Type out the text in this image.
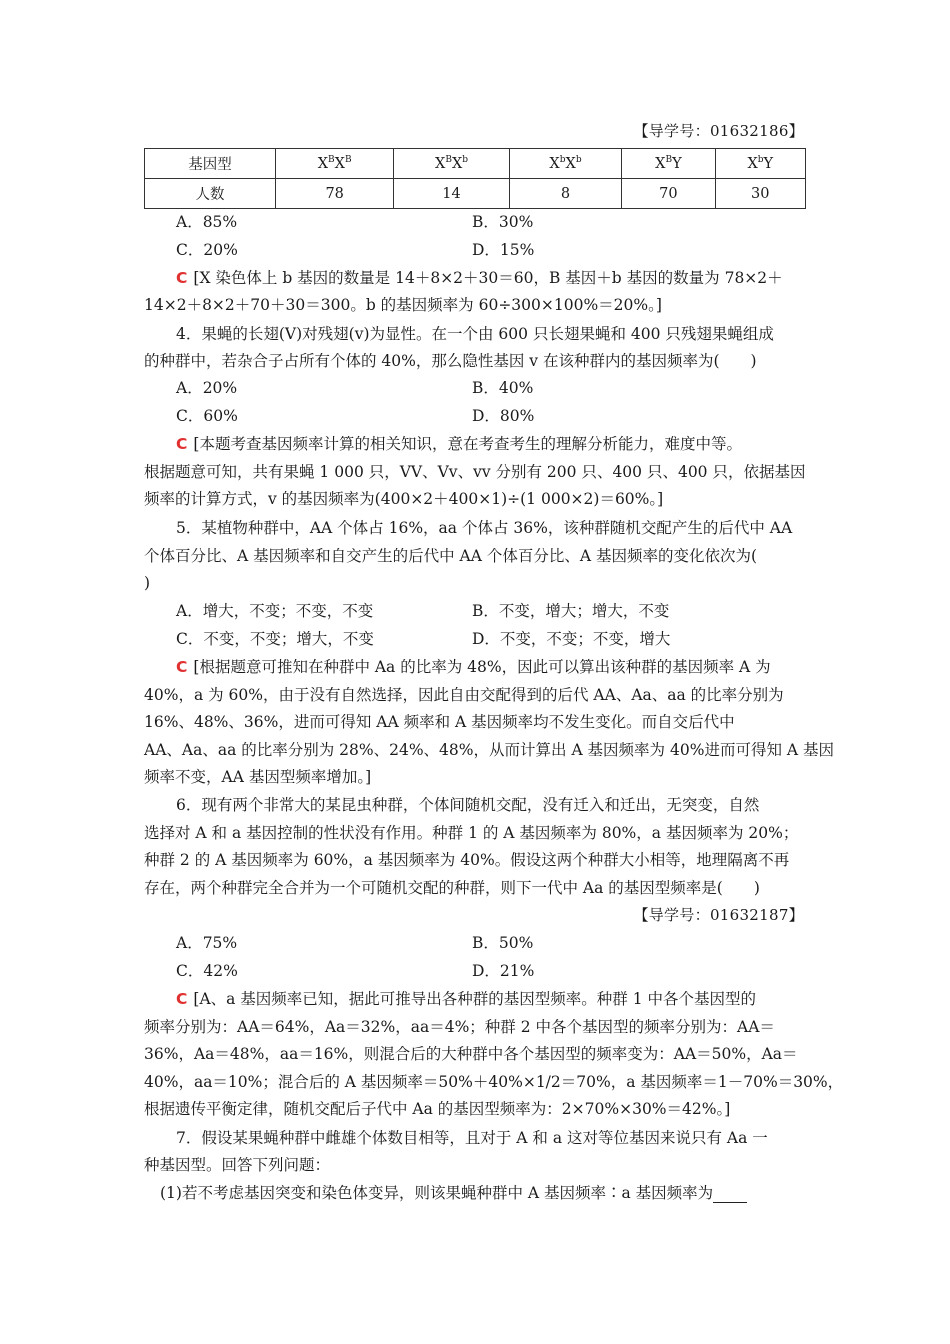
【导学号：01632186】
基因型	$X^BX^B$	$X^BX^b$	$X^bX^b$	$X^BY$	$X^bY$
人数	78	14	8	70	30
A．85%	B．30%
C．20%	D．15%
C [X 染色体上 b 基因的数量是 14＋8×2＋30＝60，B 基因＋b 基因的数量为 78×2＋
14×2＋8×2＋70＋30＝300。b 的基因频率为 60÷300×100%＝20%。]
4．果蝇的长翅(V)对残翅(v)为显性。在一个由 600 只长翅果蝇和 400 只残翅果蝇组成
的种群中，若杂合子占所有个体的 40%，那么隐性基因 v 在该种群内的基因频率为(　　)
A．20%	B．40%
C．60%	D．80%
C [本题考查基因频率计算的相关知识，意在考查考生的理解分析能力，难度中等。
根据题意可知，共有果蝇 1 000 只，VV、Vv、vv 分别有 200 只、400 只、400 只，依据基因
频率的计算方式，v 的基因频率为(400×2＋400×1)÷(1 000×2)＝60%。]
5．某植物种群中，AA 个体占 16%，aa 个体占 36%，该种群随机交配产生的后代中 AA
个体百分比、A 基因频率和自交产生的后代中 AA 个体百分比、A 基因频率的变化依次为(
)
A．增大，不变；不变，不变	B．不变，增大；增大，不变
C．不变，不变；增大，不变	D．不变，不变；不变，增大
C [根据题意可推知在种群中 Aa 的比率为 48%，因此可以算出该种群的基因频率 A 为
40%，a 为 60%，由于没有自然选择，因此自由交配得到的后代 AA、Aa、aa 的比率分别为
16%、48%、36%，进而可得知 AA 频率和 A 基因频率均不发生变化。而自交后代中
AA、Aa、aa 的比率分别为 28%、24%、48%，从而计算出 A 基因频率为 40%进而可得知 A 基因
频率不变，AA 基因型频率增加。]
6．现有两个非常大的某昆虫种群，个体间随机交配，没有迁入和迁出，无突变，自然
选择对 A 和 a 基因控制的性状没有作用。种群 1 的 A 基因频率为 80%，a 基因频率为 20%；
种群 2 的 A 基因频率为 60%，a 基因频率为 40%。假设这两个种群大小相等，地理隔离不再
存在，两个种群完全合并为一个可随机交配的种群，则下一代中 Aa 的基因型频率是(　　)
【导学号：01632187】
A．75%	B．50%
C．42%	D．21%
C [A、a 基因频率已知，据此可推导出各种群的基因型频率。种群 1 中各个基因型的
频率分别为：AA＝64%，Aa＝32%，aa＝4%；种群 2 中各个基因型的频率分别为：AA＝
36%，Aa＝48%，aa＝16%，则混合后的大种群中各个基因型的频率变为：AA＝50%，Aa＝
40%，aa＝10%；混合后的 A 基因频率＝50%＋40%×1/2＝70%，a 基因频率＝1－70%＝30%，
根据遗传平衡定律，随机交配后子代中 Aa 的基因型频率为：2×70%×30%＝42%。]
7．假设某果蝇种群中雌雄个体数目相等，且对于 A 和 a 这对等位基因来说只有 Aa 一
种基因型。回答下列问题：
(1)若不考虑基因突变和染色体变异，则该果蝇种群中 A 基因频率∶a 基因频率为
